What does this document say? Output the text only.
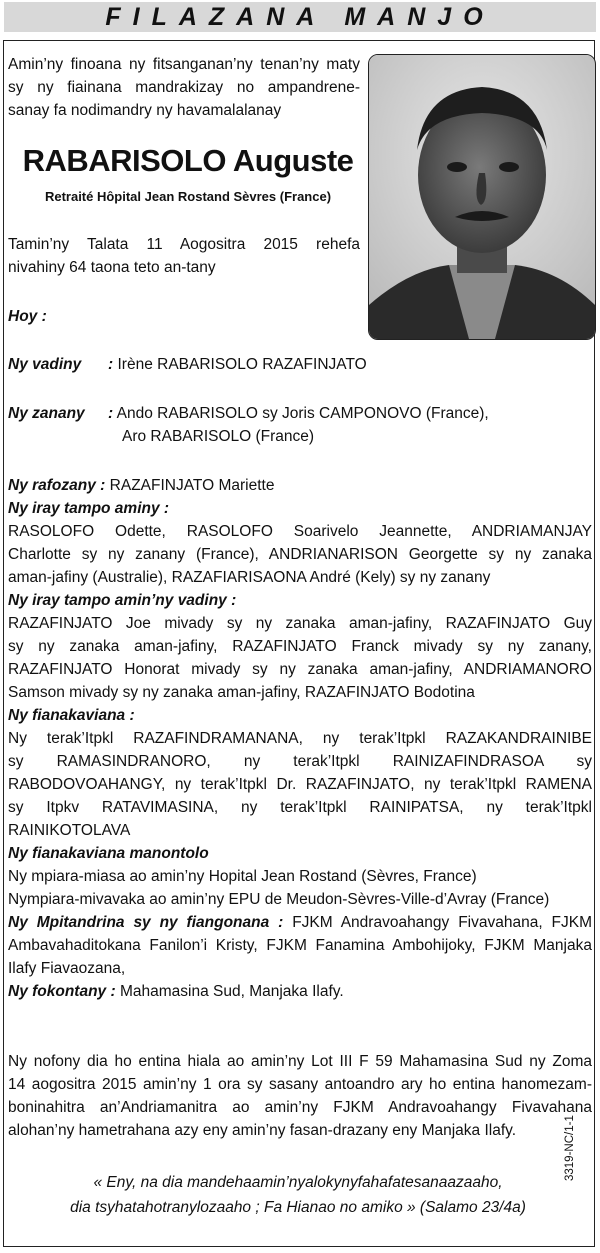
FILAZANA MANJO
Amin’ny finoana ny fitsanganan’ny tenan’ny maty
sy ny fiainana mandrakizay no ampandrene-
sanay fa nodimandry ny havamalalanay
RABARISOLO Auguste
Retraité Hôpital Jean Rostand Sèvres (France)
Tamin’ny Talata 11 Aogositra 2015 rehefa
nivahiny 64 taona teto an-tany
Hoy :
Ny vadiny : Irène RABARISOLO RAZAFINJATO
Ny zanany : Ando RABARISOLO sy Joris CAMPONOVO (France),
Aro RABARISOLO (France)
Ny rafozany : RAZAFINJATO Mariette
Ny iray tampo aminy :
RASOLOFO Odette, RASOLOFO Soarivelo Jeannette, ANDRIAMANJAY
Charlotte sy ny zanany (France), ANDRIANARISON Georgette sy ny zanaka
aman-jafiny (Australie), RAZAFIARISAONA André (Kely) sy ny zanany
Ny iray tampo amin’ny vadiny :
RAZAFINJATO Joe mivady sy ny zanaka aman-jafiny, RAZAFINJATO Guy
sy ny zanaka aman-jafiny, RAZAFINJATO Franck mivady sy ny zanany,
RAZAFINJATO Honorat mivady sy ny zanaka aman-jafiny, ANDRIAMANORO
Samson mivady sy ny zanaka aman-jafiny, RAZAFINJATO Bodotina
Ny fianakaviana :
Ny terak’Itpkl RAZAFINDRAMANANA, ny terak’Itpkl RAZAKANDRAINIBE
sy RAMASINDRANORO, ny terak’Itpkl RAINIZAFINDRASOA sy
RABODOVOAHANGY, ny terak’Itpkl Dr. RAZAFINJATO, ny terak’Itpkl RAMENA
sy Itpkv RATAVIMASINA, ny terak’Itpkl RAINIPATSA, ny terak’Itpkl
RAINIKOTOLAVA
Ny fianakaviana manontolo
Ny mpiara-miasa ao amin’ny Hopital Jean Rostand (Sèvres, France)
Nympiara-mivavaka ao amin’ny EPU de Meudon-Sèvres-Ville-d’Avray (France)
Ny Mpitandrina sy ny fiangonana : FJKM Andravoahangy Fivavahana, FJKM
Ambavahaditokana Fanilon’i Kristy, FJKM Fanamina Ambohijoky, FJKM Manjaka
Ilafy Fiavaozana,
Ny fokontany : Mahamasina Sud, Manjaka Ilafy.
Ny nofony dia ho entina hiala ao amin’ny Lot III F 59 Mahamasina Sud ny Zoma
14 aogositra 2015 amin’ny 1 ora sy sasany antoandro ary ho entina hanomezam-
boninahitra an’Andriamanitra ao amin’ny FJKM Andravoahangy Fivavahana
alohan’ny hametrahana azy eny amin’ny fasan-drazany eny Manjaka Ilafy.
« Eny, na dia mandehaamin’nyalokynyfahafatesanaazaaho,
dia tsyhatahotranylozaaho ; Fa Hianao no amiko » (Salamo 23/4a)
3319-NC/1-1
